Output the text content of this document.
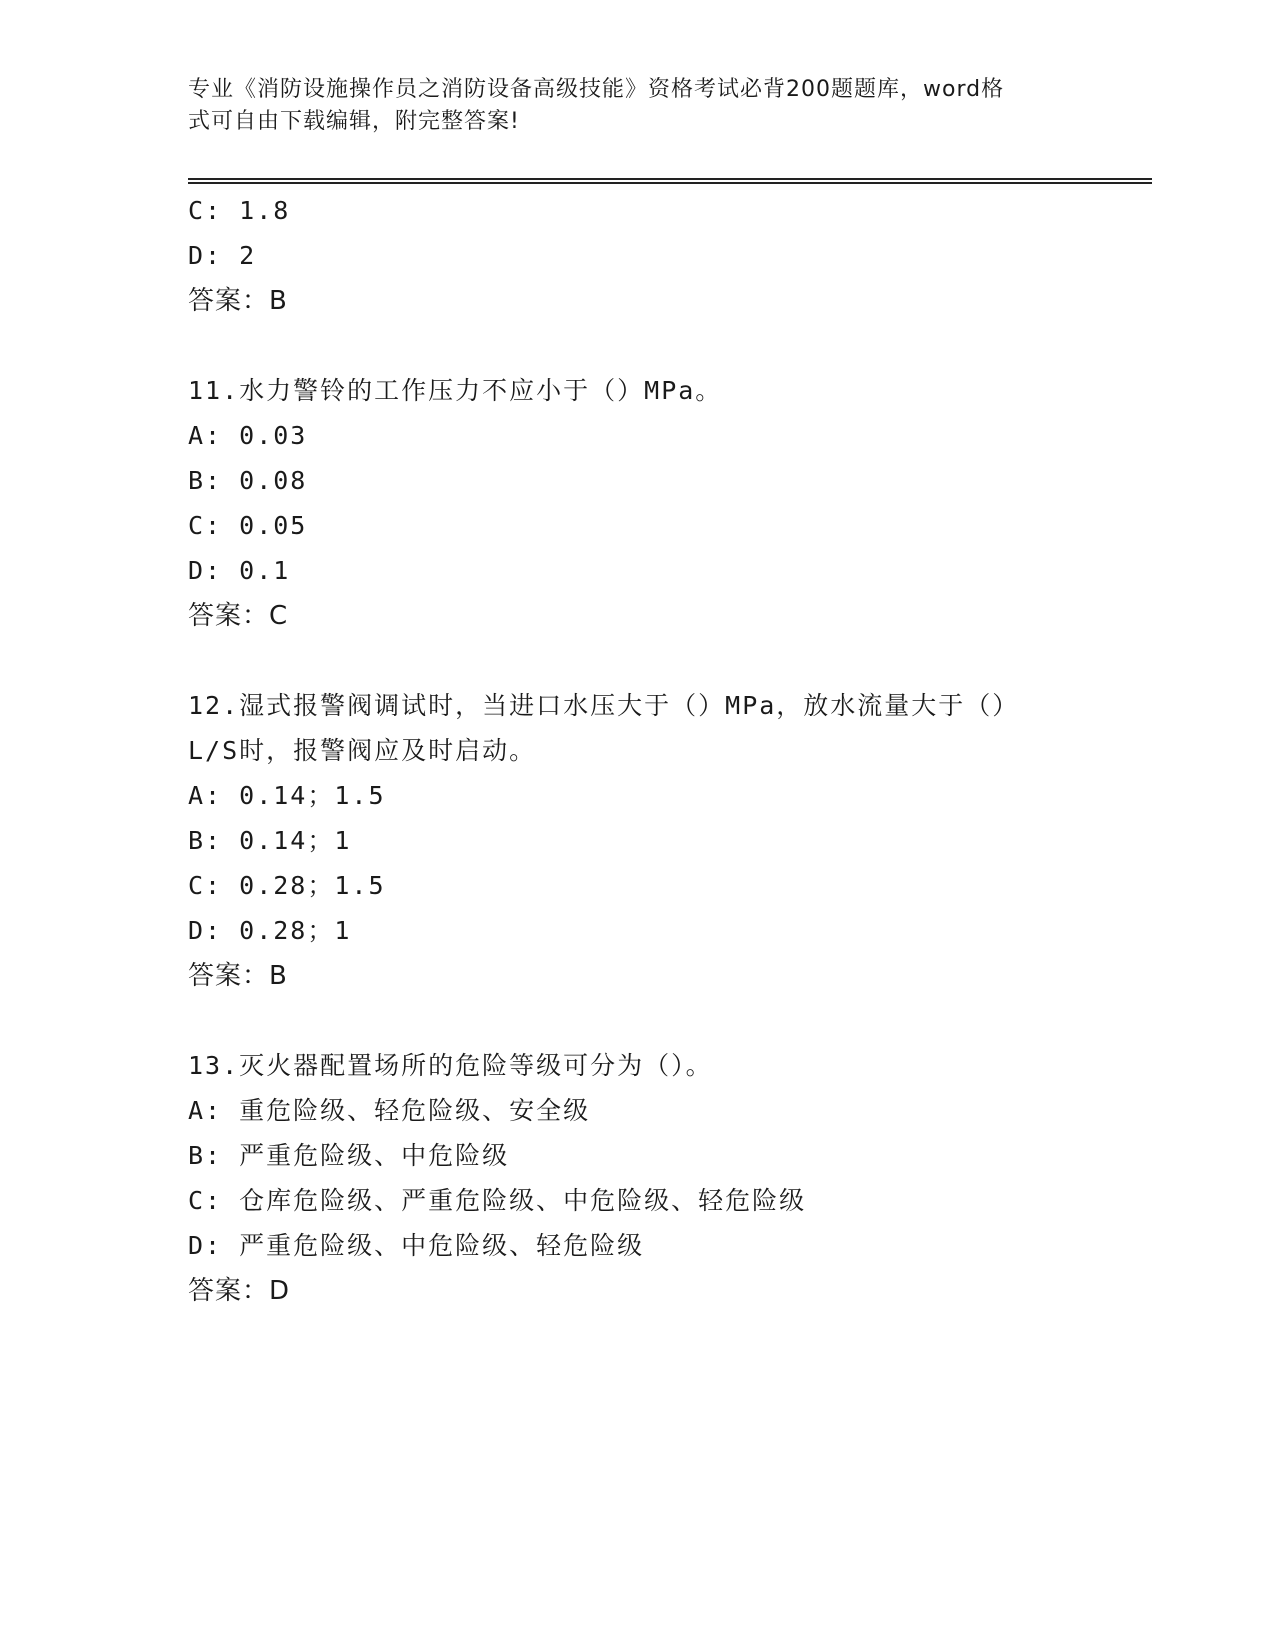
专业《消防设施操作员之消防设备高级技能》资格考试必背200题题库，word格
式可自由下载编辑，附完整答案!
C: 1.8
D: 2
答案：B
11.水力警铃的工作压力不应小于（）MPa。
A: 0.03
B: 0.08
C: 0.05
D: 0.1
答案：C
12.湿式报警阀调试时，当进口水压大于（）MPa，放水流量大于（）
L/S时，报警阀应及时启动。
A: 0.14；1.5
B: 0.14；1
C: 0.28；1.5
D: 0.28；1
答案：B
13.灭火器配置场所的危险等级可分为（）。
A: 重危险级、轻危险级、安全级
B: 严重危险级、中危险级
C: 仓库危险级、严重危险级、中危险级、轻危险级
D: 严重危险级、中危险级、轻危险级
答案：D
